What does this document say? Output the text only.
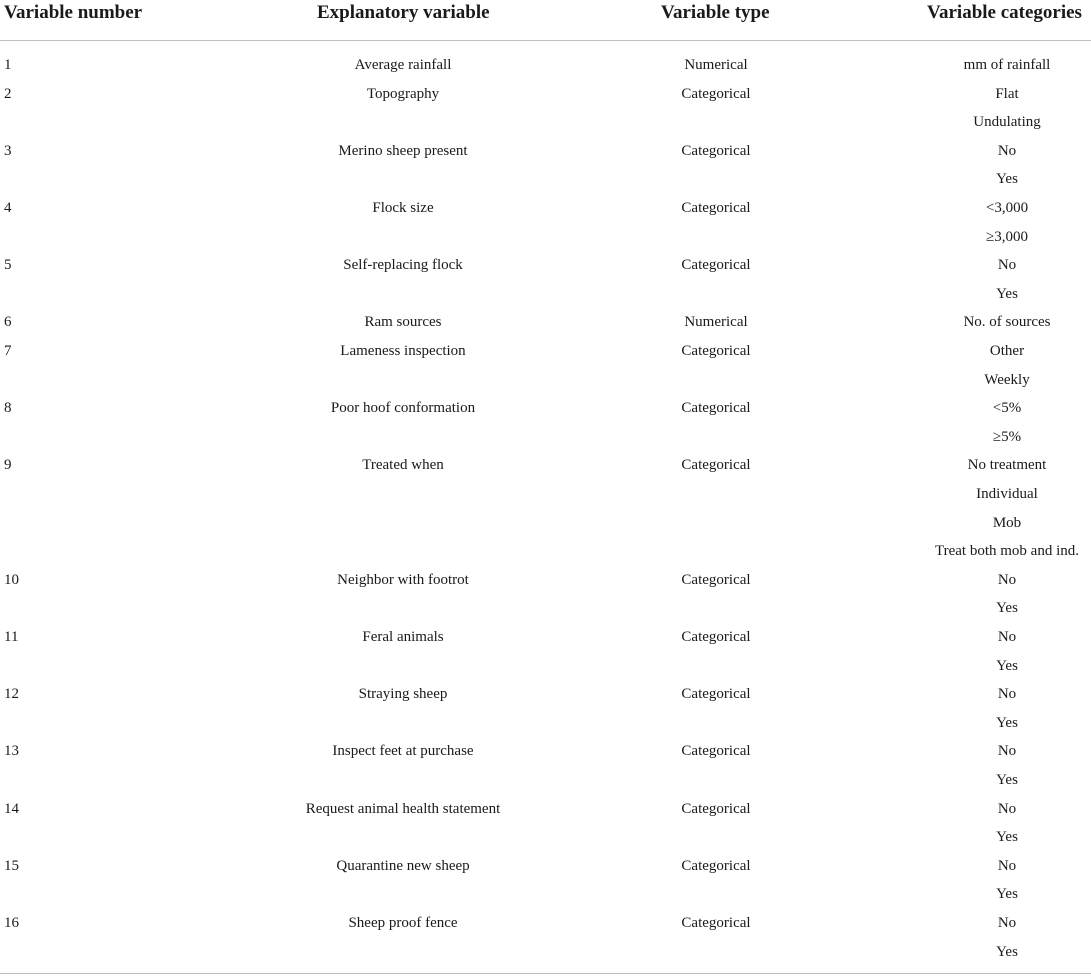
Variable number	Explanatory variable	Variable type	Variable categories
1	Average rainfall	Numerical	mm of rainfall
2	Topography	Categorical	Flat
Undulating
3	Merino sheep present	Categorical	No
Yes
4	Flock size	Categorical	<3,000
≥3,000
5	Self-replacing flock	Categorical	No
Yes
6	Ram sources	Numerical	No. of sources
7	Lameness inspection	Categorical	Other
Weekly
8	Poor hoof conformation	Categorical	<5%
≥5%
9	Treated when	Categorical	No treatment
Individual
Mob
Treat both mob and ind.
10	Neighbor with footrot	Categorical	No
Yes
11	Feral animals	Categorical	No
Yes
12	Straying sheep	Categorical	No
Yes
13	Inspect feet at purchase	Categorical	No
Yes
14	Request animal health statement	Categorical	No
Yes
15	Quarantine new sheep	Categorical	No
Yes
16	Sheep proof fence	Categorical	No
Yes
